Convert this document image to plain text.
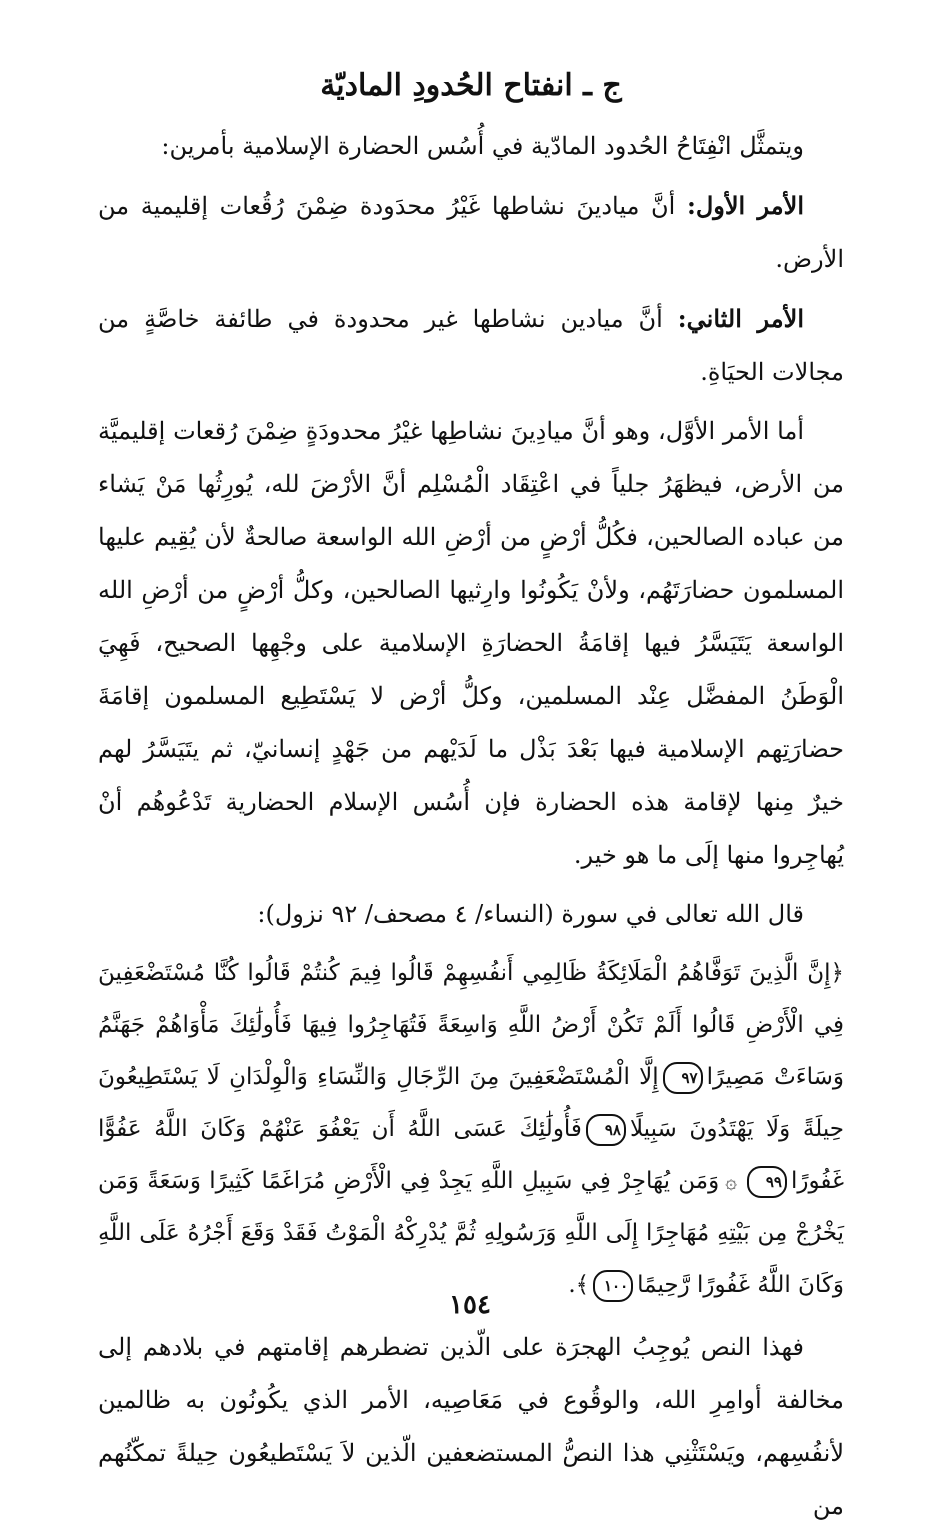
ج ـ انفتاح الحُدودِ الماديّة

ويتمثَّل انْفِتَاحُ الحُدود المادّية في أُسُس الحضارة الإسلامية بأمرين:

الأمر الأول: أنَّ ميادينَ نشاطها غَيْرُ محدَودة ضِمْنَ رُقُعات إقليمية من الأرض.

الأمر الثاني: أنَّ ميادين نشاطها غير محدودة في طائفة خاصَّةٍ من مجالات الحيَاةِ.

أما الأمر الأوَّل، وهو أنَّ ميادِينَ نشاطِها غيْرُ محدودَةٍ ضِمْنَ رُقعات إقليميَّة من الأرض، فيظهَرُ جلياً في اعْتِقَاد الْمُسْلِم أنَّ الأرْضَ لله، يُورِثُها مَنْ يَشاء من عباده الصالحين، فكُلُّ أرْضٍ من أرْضِ الله الواسعة صالحةٌ لأن يُقِيم عليها المسلمون حضارَتَهُم، ولأنْ يَكُونُوا وارِثيها الصالحين، وكلُّ أرْضٍ من أرْضِ الله الواسعة يَتَيَسَّرُ فيها إقامَةُ الحضارَةِ الإسلامية على وجْهِها الصحيح، فَهِيَ الْوَطَنُ المفضَّل عِنْد المسلمين، وكلُّ أرْض لا يَسْتَطِيع المسلمون إقامَةَ حضارَتِهم الإسلامية فيها بَعْدَ بَذْل ما لَدَيْهم من جَهْدٍ إنسانيّ، ثم يتَيَسَّرُ لهم خيرٌ مِنها لإقامة هذه الحضارة فإن أُسُس الإسلام الحضارية تَدْعُوهُم أنْ يُهاجِروا منها إلَى ما هو خير.

قال الله تعالى في سورة (النساء/ ٤ مصحف/ ٩٢ نزول):

﴿إِنَّ الَّذِينَ تَوَفَّاهُمُ الْمَلَائِكَةُ ظَالِمِي أَنفُسِهِمْ قَالُوا فِيمَ كُنتُمْ قَالُوا كُنَّا مُسْتَضْعَفِينَ فِي الْأَرْضِ قَالُوا أَلَمْ تَكُنْ أَرْضُ اللَّهِ وَاسِعَةً فَتُهَاجِرُوا فِيهَا فَأُولَٰئِكَ مَأْوَاهُمْ جَهَنَّمُ وَسَاءَتْ مَصِيرًا٩٧إِلَّا الْمُسْتَضْعَفِينَ مِنَ الرِّجَالِ وَالنِّسَاءِ وَالْوِلْدَانِ لَا يَسْتَطِيعُونَ حِيلَةً وَلَا يَهْتَدُونَ سَبِيلًا٩٨فَأُولَٰئِكَ عَسَى اللَّهُ أَن يَعْفُوَ عَنْهُمْ وَكَانَ اللَّهُ عَفُوًّا غَفُورًا٩٩۞وَمَن يُهَاجِرْ فِي سَبِيلِ اللَّهِ يَجِدْ فِي الْأَرْضِ مُرَاغَمًا كَثِيرًا وَسَعَةً وَمَن يَخْرُجْ مِن بَيْتِهِ مُهَاجِرًا إِلَى اللَّهِ وَرَسُولِهِ ثُمَّ يُدْرِكْهُ الْمَوْتُ فَقَدْ وَقَعَ أَجْرُهُ عَلَى اللَّهِ وَكَانَ اللَّهُ غَفُورًا رَّحِيمًا١٠٠﴾.

فهذا النص يُوجِبُ الهجرَة على الّذين تضطرهم إقامتهم في بلادهم إلى مخالفة أوامِرِ الله، والوقُوع في مَعَاصِيه، الأمر الذي يكُونُون به ظالمين لأنفُسِهم، ويَسْتَثْنِي هذا النصُّ المستضعفين الّذين لاَ يَسْتَطيعُون حِيلةً تمكّنُهم من

١٥٤
